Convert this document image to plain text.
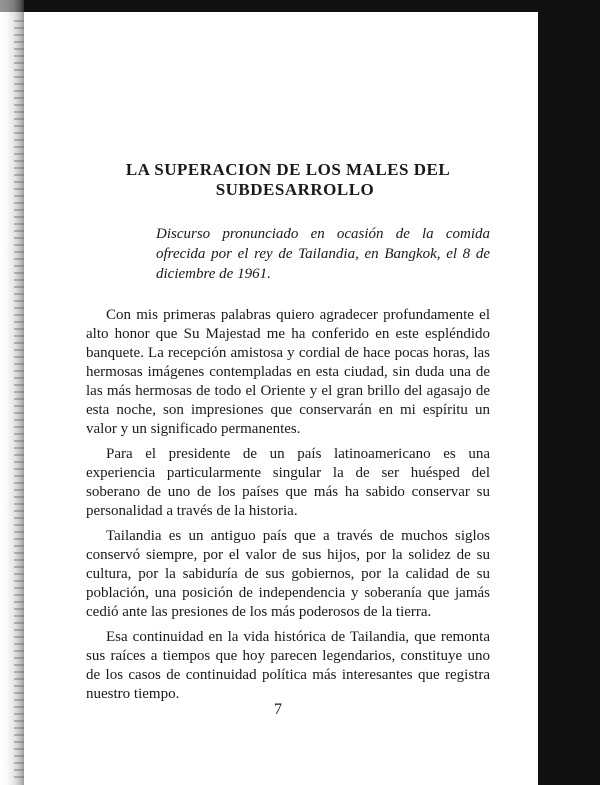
LA SUPERACION DE LOS MALES DEL
SUBDESARROLLO

Discurso pronunciado en ocasión de la comida ofrecida por el rey de Tailandia, en Bangkok, el 8 de diciembre de 1961.

Con mis primeras palabras quiero agradecer profundamente el alto honor que Su Majestad me ha conferido en este espléndido banquete. La recepción amistosa y cordial de hace pocas horas, las hermosas imágenes contempladas en esta ciudad, sin duda una de las más hermosas de todo el Oriente y el gran brillo del agasajo de esta noche, son impresiones que conservarán en mi espíritu un valor y un significado permanentes.

Para el presidente de un país latinoamericano es una experiencia particularmente singular la de ser huésped del soberano de uno de los países que más ha sabido conservar su personalidad a través de la historia.

Tailandia es un antiguo país que a través de muchos siglos conservó siempre, por el valor de sus hijos, por la solidez de su cultura, por la sabiduría de sus gobiernos, por la calidad de su población, una posición de independencia y soberanía que jamás cedió ante las presiones de los más poderosos de la tierra.

Esa continuidad en la vida histórica de Tailandia, que remonta sus raíces a tiempos que hoy parecen legendarios, constituye uno de los casos de continuidad política más interesantes que registra nuestro tiempo.

7
